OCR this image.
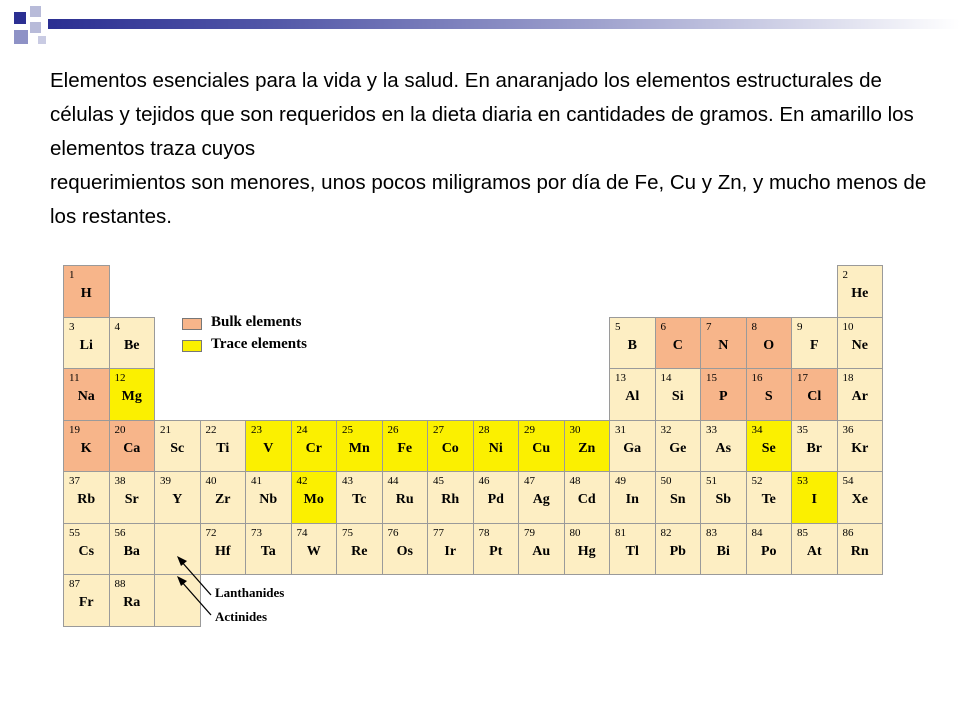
Elementos esenciales para la vida y la salud. En anaranjado los elementos estructurales de células y tejidos que son requeridos en la dieta diaria en cantidades de gramos. En amarillo los elementos traza cuyos
requerimientos son menores, unos pocos miligramos por día de Fe, Cu y Zn, y mucho menos de los restantes.
88
Ra
87
Fr
86
Rn
85
At
84
Po
83
Bi
82
Pb
81
Tl
80
Hg
79
Au
78
Pt
77
Ir
76
Os
75
Re
74
W
73
Ta
72
Hf
56
Ba
55
Cs
54
Xe
53
I
52
Te
51
Sb
50
Sn
49
In
48
Cd
47
Ag
46
Pd
45
Rh
44
Ru
43
Tc
42
Mo
41
Nb
40
Zr
39
Y
38
Sr
37
Rb
36
Kr
35
Br
34
Se
33
As
32
Ge
31
Ga
30
Zn
29
Cu
28
Ni
27
Co
26
Fe
25
Mn
24
Cr
23
V
22
Ti
21
Sc
20
Ca
19
K
18
Ar
17
Cl
16
S
15
P
14
Si
13
Al
12
Mg
11
Na
10
Ne
9
F
8
O
7
N
6
C
5
B
4
Be
3
Li
2
He
1
H
Bulk elements
Trace elements
Lanthanides
Actinides
